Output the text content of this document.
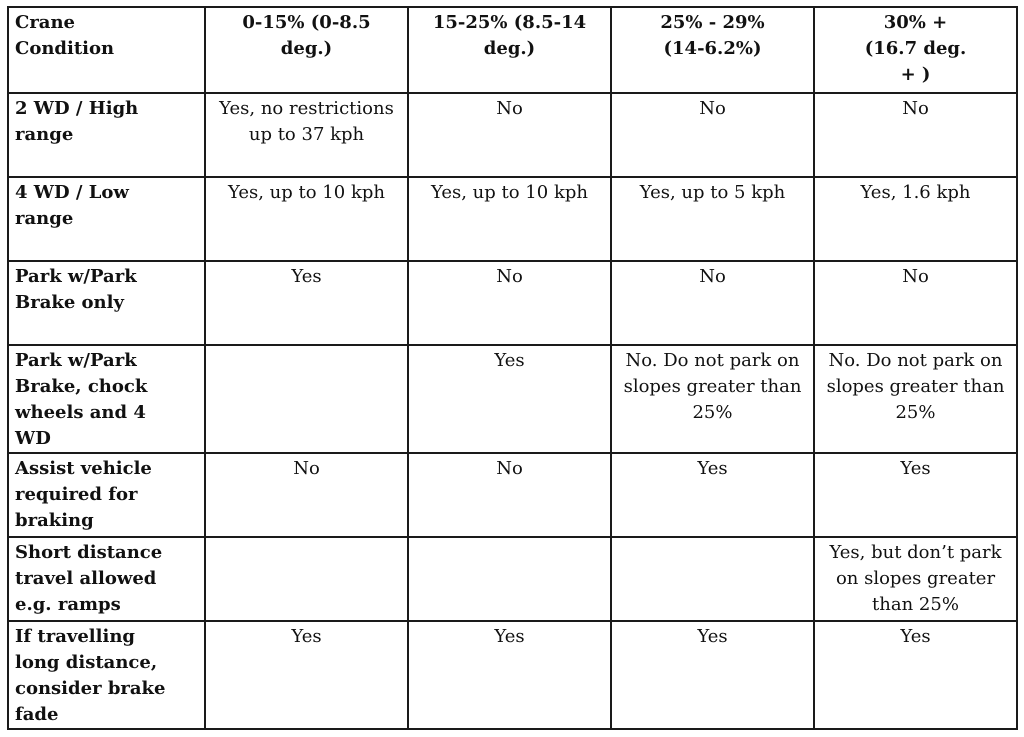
Crane Condition	0-15% (0-8.5 deg.)	15-25% (8.5-14 deg.)	25% - 29% (14-6.2%)	30% + (16.7 deg. + )

2 WD / High range	Yes, no restrictions up to 37 kph	No	No	No

4 WD / Low range	Yes, up to 10 kph	Yes, up to 10 kph	Yes, up to 5 kph	Yes, 1.6 kph

Park w/Park Brake only	Yes	No	No	No

Park w/Park Brake, chock wheels and 4 WD		Yes	No. Do not park on slopes greater than 25%	No. Do not park on slopes greater than 25%

Assist vehicle required for braking	No	No	Yes	Yes

Short distance travel allowed e.g. ramps				Yes, but don’t park on slopes greater than 25%

If travelling long distance, consider brake fade	Yes	Yes	Yes	Yes
